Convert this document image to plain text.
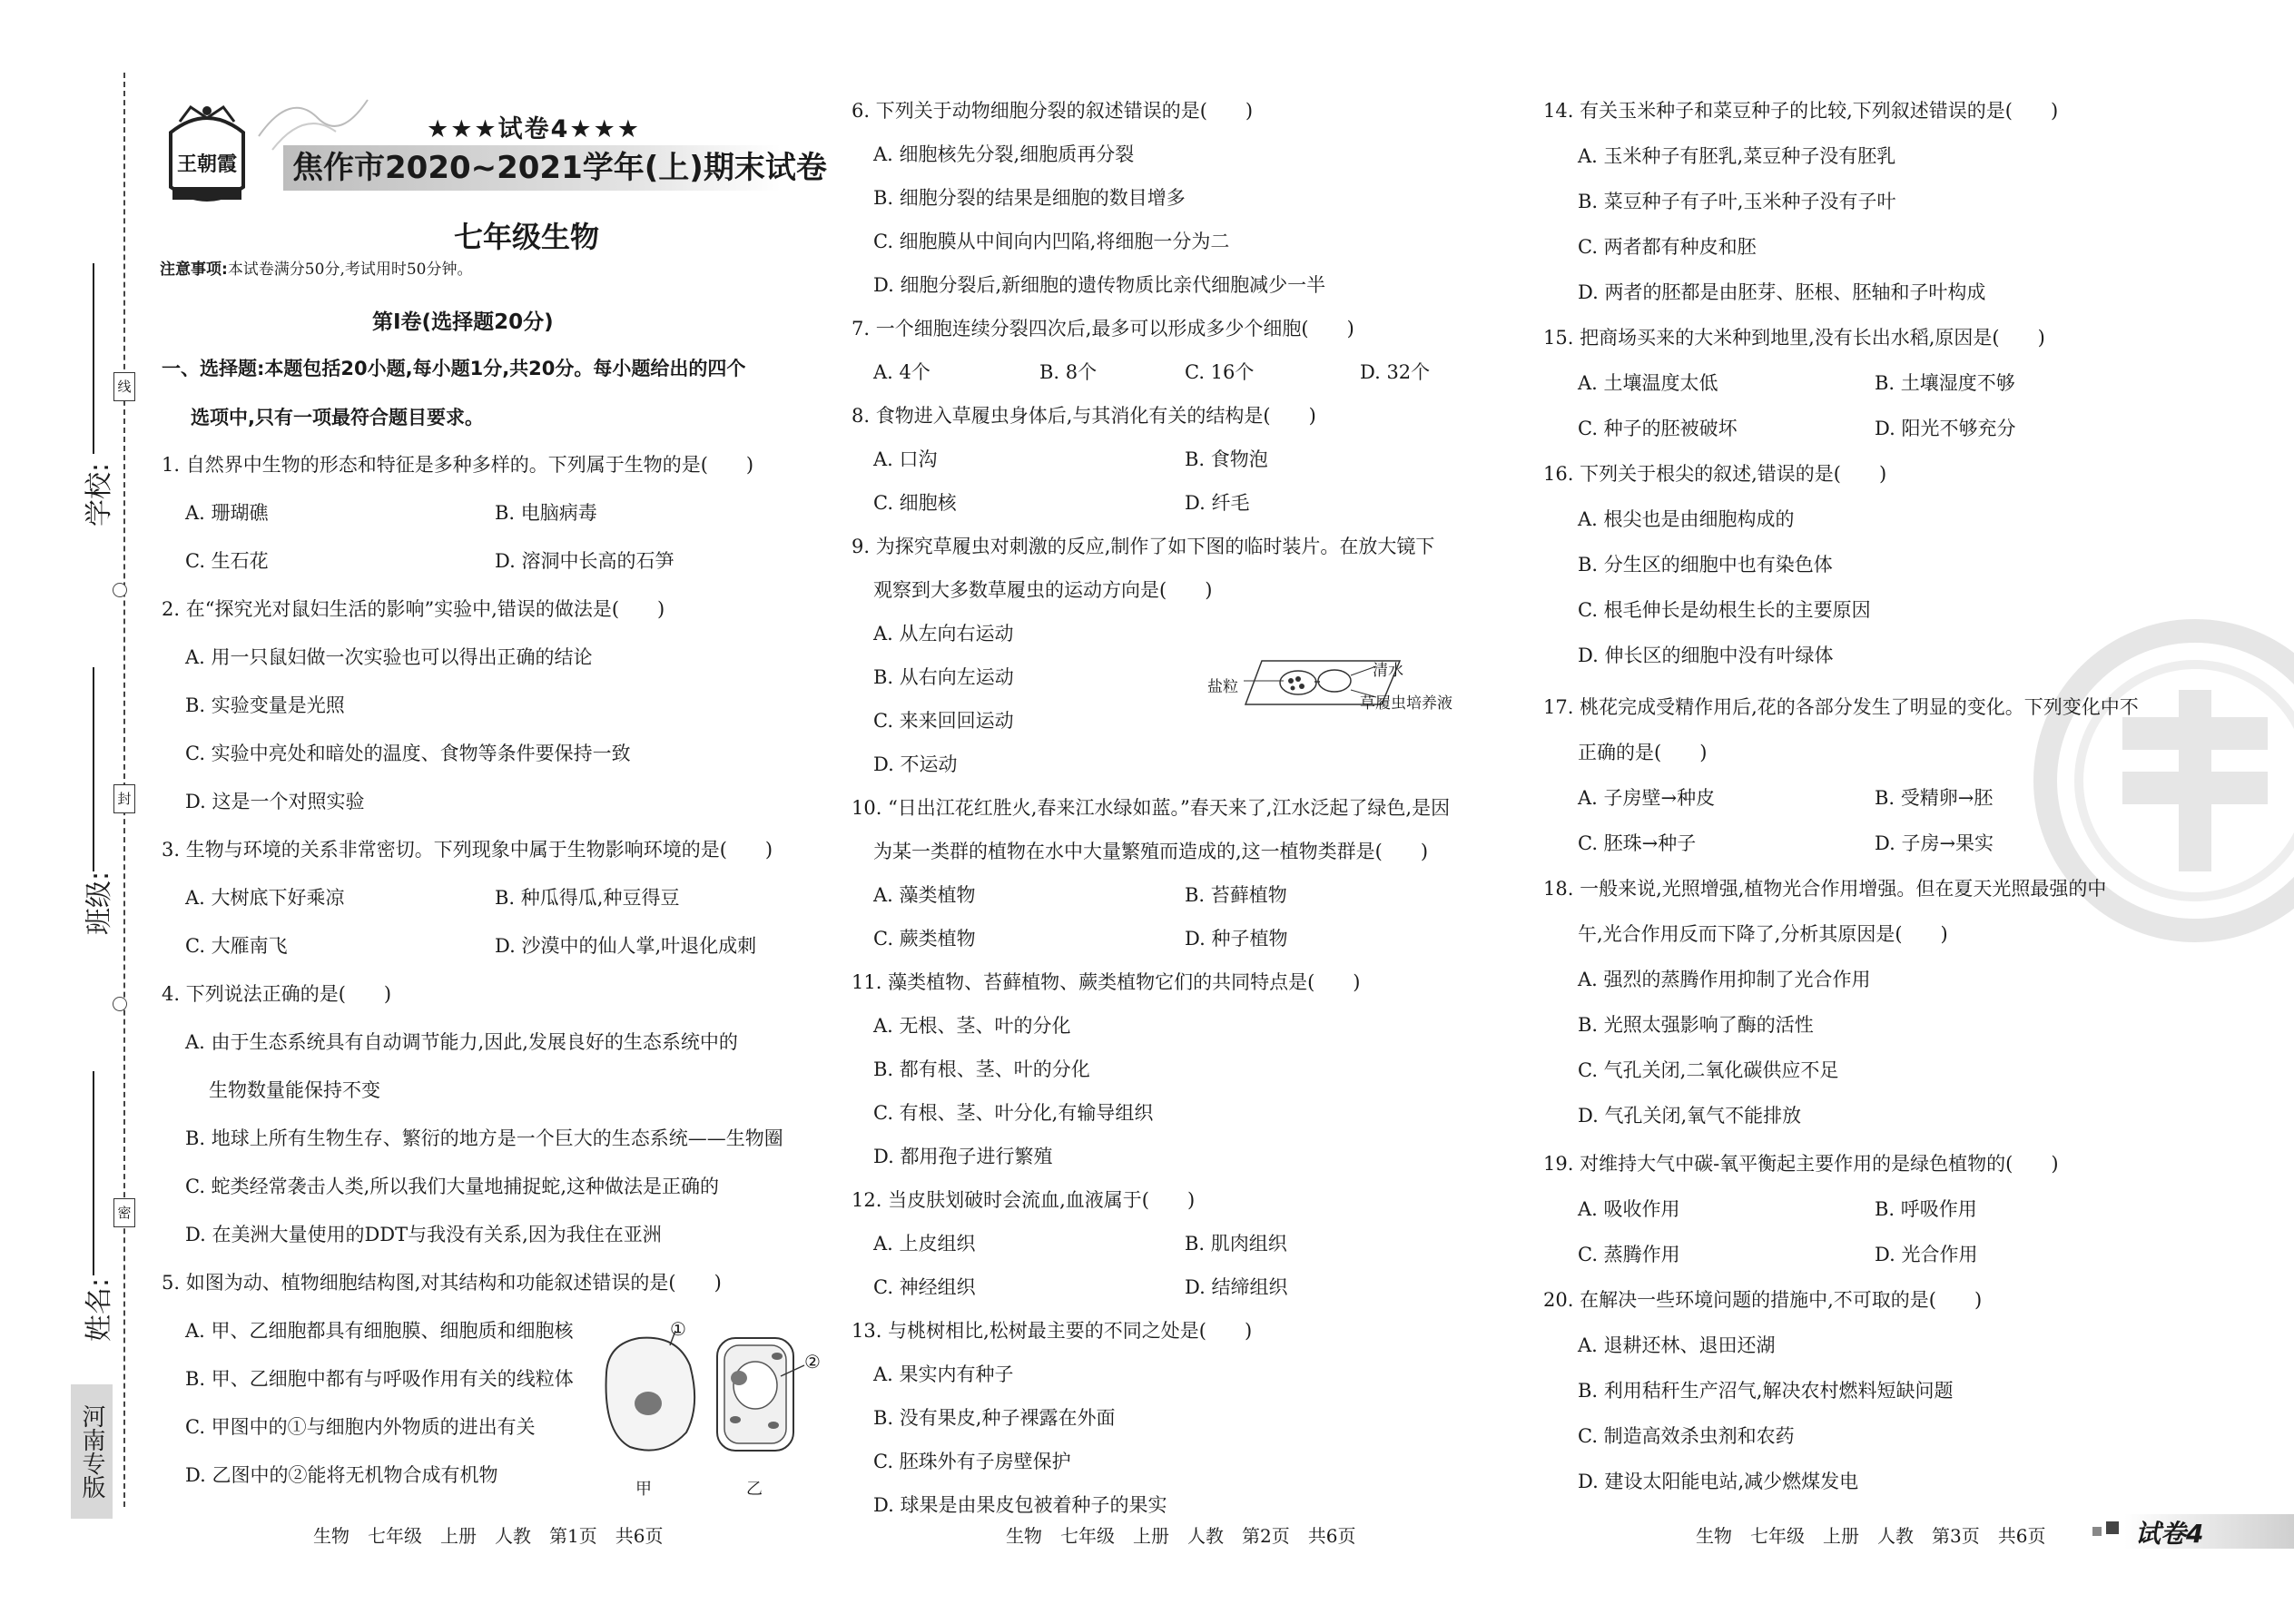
线
封
密
学校:
班级:
姓名:
河南专版
王朝霞
★★★试卷4★★★
焦作市2020~2021学年(上)期末试卷
七年级生物
注意事项:本试卷满分50分,考试用时50分钟。
第Ⅰ卷(选择题20分)
一、选择题:本题包括20小题,每小题1分,共20分。每小题给出的四个
选项中,只有一项最符合题目要求。
1. 自然界中生物的形态和特征是多种多样的。下列属于生物的是(　　)
A. 珊瑚礁	B. 电脑病毒
C. 生石花	D. 溶洞中长高的石笋
2. 在“探究光对鼠妇生活的影响”实验中,错误的做法是(　　)
A. 用一只鼠妇做一次实验也可以得出正确的结论
B. 实验变量是光照
C. 实验中亮处和暗处的温度、食物等条件要保持一致
D. 这是一个对照实验
3. 生物与环境的关系非常密切。下列现象中属于生物影响环境的是(　　)
A. 大树底下好乘凉	B. 种瓜得瓜,种豆得豆
C. 大雁南飞	D. 沙漠中的仙人掌,叶退化成刺
4. 下列说法正确的是(　　)
A. 由于生态系统具有自动调节能力,因此,发展良好的生态系统中的
生物数量能保持不变
B. 地球上所有生物生存、繁衍的地方是一个巨大的生态系统——生物圈
C. 蛇类经常袭击人类,所以我们大量地捕捉蛇,这种做法是正确的
D. 在美洲大量使用的DDT与我没有关系,因为我住在亚洲
5. 如图为动、植物细胞结构图,对其结构和功能叙述错误的是(　　)
A. 甲、乙细胞都具有细胞膜、细胞质和细胞核
B. 甲、乙细胞中都有与呼吸作用有关的线粒体
C. 甲图中的①与细胞内外物质的进出有关
D. 乙图中的②能将无机物合成有机物
①
②
甲	乙
生物　七年级　上册　人教　第1页　共6页
6. 下列关于动物细胞分裂的叙述错误的是(　　)
A. 细胞核先分裂,细胞质再分裂
B. 细胞分裂的结果是细胞的数目增多
C. 细胞膜从中间向内凹陷,将细胞一分为二
D. 细胞分裂后,新细胞的遗传物质比亲代细胞减少一半
7. 一个细胞连续分裂四次后,最多可以形成多少个细胞(　　)
A. 4个	B. 8个	C. 16个	D. 32个
8. 食物进入草履虫身体后,与其消化有关的结构是(　　)
A. 口沟	B. 食物泡
C. 细胞核	D. 纤毛
9. 为探究草履虫对刺激的反应,制作了如下图的临时装片。在放大镜下
观察到大多数草履虫的运动方向是(　　)
A. 从左向右运动
B. 从右向左运动
C. 来来回回运动
D. 不运动
盐粒
清水
草履虫培养液
10. “日出江花红胜火,春来江水绿如蓝。”春天来了,江水泛起了绿色,是因
为某一类群的植物在水中大量繁殖而造成的,这一植物类群是(　　)
A. 藻类植物	B. 苔藓植物
C. 蕨类植物	D. 种子植物
11. 藻类植物、苔藓植物、蕨类植物它们的共同特点是(　　)
A. 无根、茎、叶的分化
B. 都有根、茎、叶的分化
C. 有根、茎、叶分化,有输导组织
D. 都用孢子进行繁殖
12. 当皮肤划破时会流血,血液属于(　　)
A. 上皮组织	B. 肌肉组织
C. 神经组织	D. 结缔组织
13. 与桃树相比,松树最主要的不同之处是(　　)
A. 果实内有种子
B. 没有果皮,种子裸露在外面
C. 胚珠外有子房壁保护
D. 球果是由果皮包被着种子的果实
生物　七年级　上册　人教　第2页　共6页
14. 有关玉米种子和菜豆种子的比较,下列叙述错误的是(　　)
A. 玉米种子有胚乳,菜豆种子没有胚乳
B. 菜豆种子有子叶,玉米种子没有子叶
C. 两者都有种皮和胚
D. 两者的胚都是由胚芽、胚根、胚轴和子叶构成
15. 把商场买来的大米种到地里,没有长出水稻,原因是(　　)
A. 土壤温度太低	B. 土壤湿度不够
C. 种子的胚被破坏	D. 阳光不够充分
16. 下列关于根尖的叙述,错误的是(　　)
A. 根尖也是由细胞构成的
B. 分生区的细胞中也有染色体
C. 根毛伸长是幼根生长的主要原因
D. 伸长区的细胞中没有叶绿体
17. 桃花完成受精作用后,花的各部分发生了明显的变化。下列变化中不
正确的是(　　)
A. 子房壁→种皮	B. 受精卵→胚
C. 胚珠→种子	D. 子房→果实
18. 一般来说,光照增强,植物光合作用增强。但在夏天光照最强的中
午,光合作用反而下降了,分析其原因是(　　)
A. 强烈的蒸腾作用抑制了光合作用
B. 光照太强影响了酶的活性
C. 气孔关闭,二氧化碳供应不足
D. 气孔关闭,氧气不能排放
19. 对维持大气中碳-氧平衡起主要作用的是绿色植物的(　　)
A. 吸收作用	B. 呼吸作用
C. 蒸腾作用	D. 光合作用
20. 在解决一些环境问题的措施中,不可取的是(　　)
A. 退耕还林、退田还湖
B. 利用秸秆生产沼气,解决农村燃料短缺问题
C. 制造高效杀虫剂和农药
D. 建设太阳能电站,减少燃煤发电
生物　七年级　上册　人教　第3页　共6页	试卷4
